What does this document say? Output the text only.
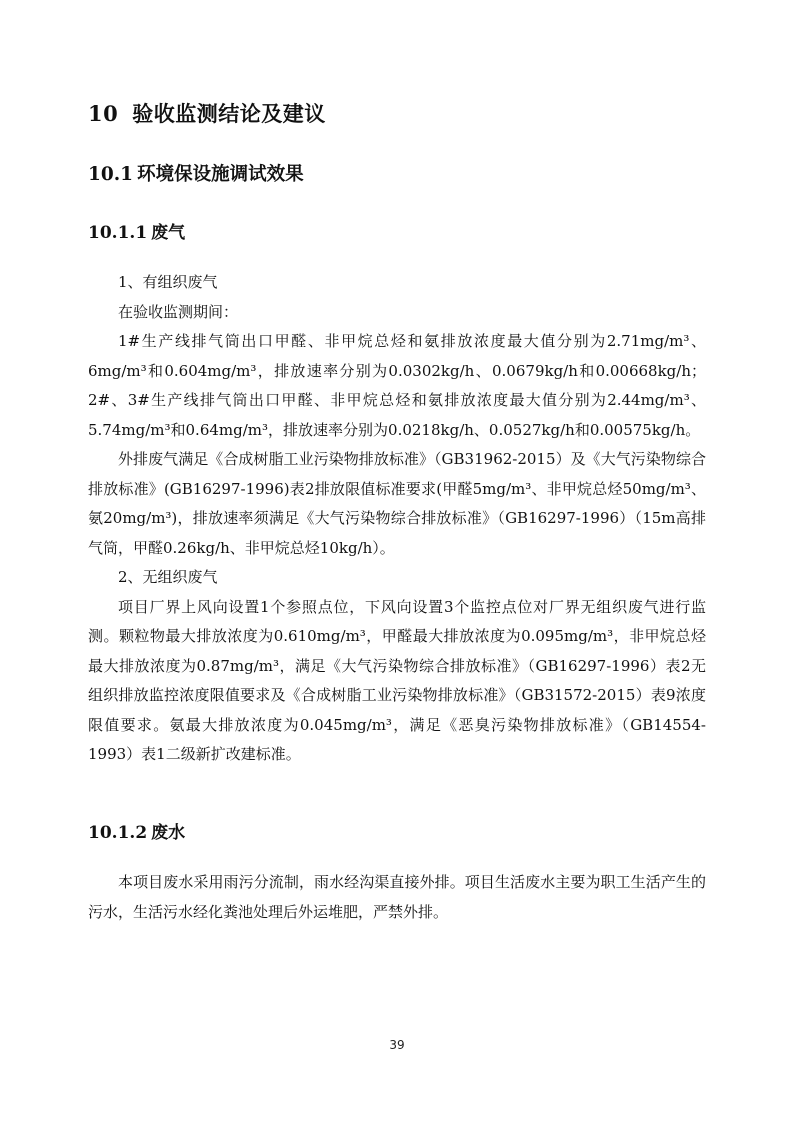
10 验收监测结论及建议
10.1 环境保设施调试效果
10.1.1 废气

1、有组织废气

在验收监测期间：

1#生产线排气筒出口甲醛、非甲烷总烃和氨排放浓度最大值分别为2.71mg/m³、6mg/m³和0.604mg/m³，排放速率分别为0.0302kg/h、0.0679kg/h和0.00668kg/h；2#、3#生产线排气筒出口甲醛、非甲烷总烃和氨排放浓度最大值分别为2.44mg/m³、5.74mg/m³和0.64mg/m³，排放速率分别为0.0218kg/h、0.0527kg/h和0.00575kg/h。

外排废气满足《合成树脂工业污染物排放标准》（GB31962-2015）及《大气污染物综合排放标准》(GB16297-1996)表2排放限值标准要求(甲醛5mg/m³、非甲烷总烃50mg/m³、氨20mg/m³)，排放速率须满足《大气污染物综合排放标准》（GB16297-1996）（15m高排气筒，甲醛0.26kg/h、非甲烷总烃10kg/h）。

2、无组织废气

项目厂界上风向设置1个参照点位，下风向设置3个监控点位对厂界无组织废气进行监测。颗粒物最大排放浓度为0.610mg/m³，甲醛最大排放浓度为0.095mg/m³，非甲烷总烃最大排放浓度为0.87mg/m³，满足《大气污染物综合排放标准》（GB16297-1996）表2无组织排放监控浓度限值要求及《合成树脂工业污染物排放标准》（GB31572-2015）表9浓度限值要求。氨最大排放浓度为0.045mg/m³，满足《恶臭污染物排放标准》（GB14554-1993）表1二级新扩改建标准。

10.1.2 废水

本项目废水采用雨污分流制，雨水经沟渠直接外排。项目生活废水主要为职工生活产生的污水，生活污水经化粪池处理后外运堆肥，严禁外排。

39
